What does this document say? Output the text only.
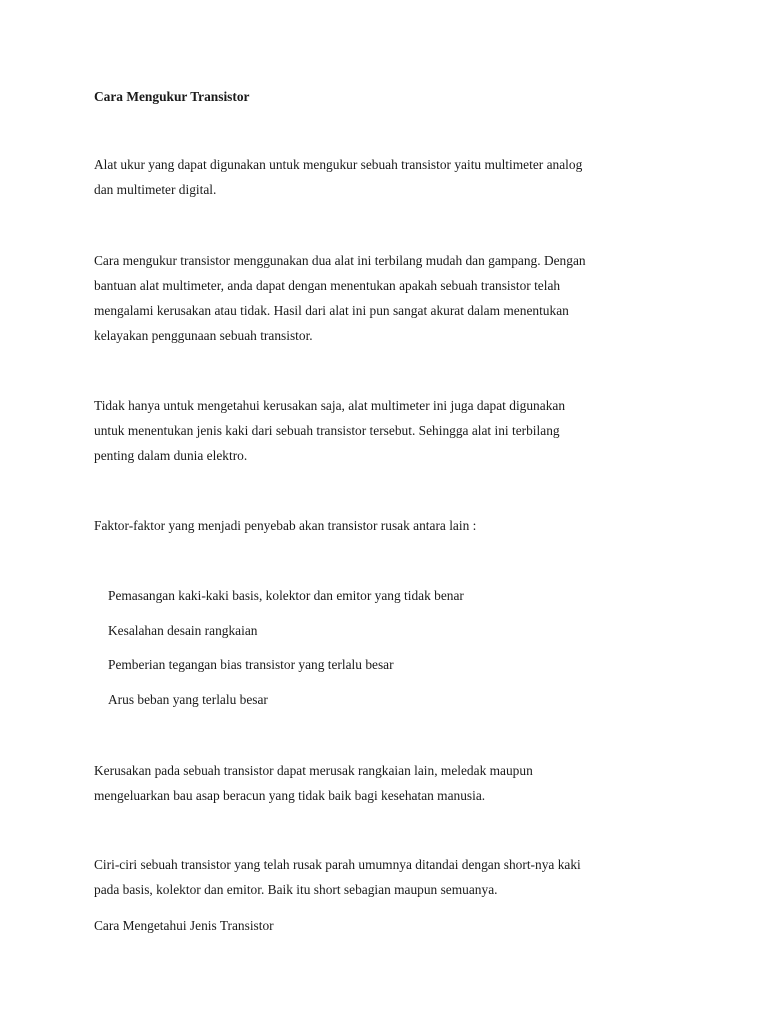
Cara Mengukur Transistor

Alat ukur yang dapat digunakan untuk mengukur sebuah transistor yaitu multimeter analog

dan multimeter digital.

Cara mengukur transistor menggunakan dua alat ini terbilang mudah dan gampang. Dengan

bantuan alat multimeter, anda dapat dengan menentukan apakah sebuah transistor telah

mengalami kerusakan atau tidak. Hasil dari alat ini pun sangat akurat dalam menentukan

kelayakan penggunaan sebuah transistor.

Tidak hanya untuk mengetahui kerusakan saja, alat multimeter ini juga dapat digunakan

untuk menentukan jenis kaki dari sebuah transistor tersebut. Sehingga alat ini terbilang

penting dalam dunia elektro.

Faktor-faktor yang menjadi penyebab akan transistor rusak antara lain :

Pemasangan kaki-kaki basis, kolektor dan emitor yang tidak benar

Kesalahan desain rangkaian

Pemberian tegangan bias transistor yang terlalu besar

Arus beban yang terlalu besar

Kerusakan pada sebuah transistor dapat merusak rangkaian lain, meledak maupun

mengeluarkan bau asap beracun yang tidak baik bagi kesehatan manusia.

Ciri-ciri sebuah transistor yang telah rusak parah umumnya ditandai dengan short-nya kaki

pada basis, kolektor dan emitor. Baik itu short sebagian maupun semuanya.

Cara Mengetahui Jenis Transistor
